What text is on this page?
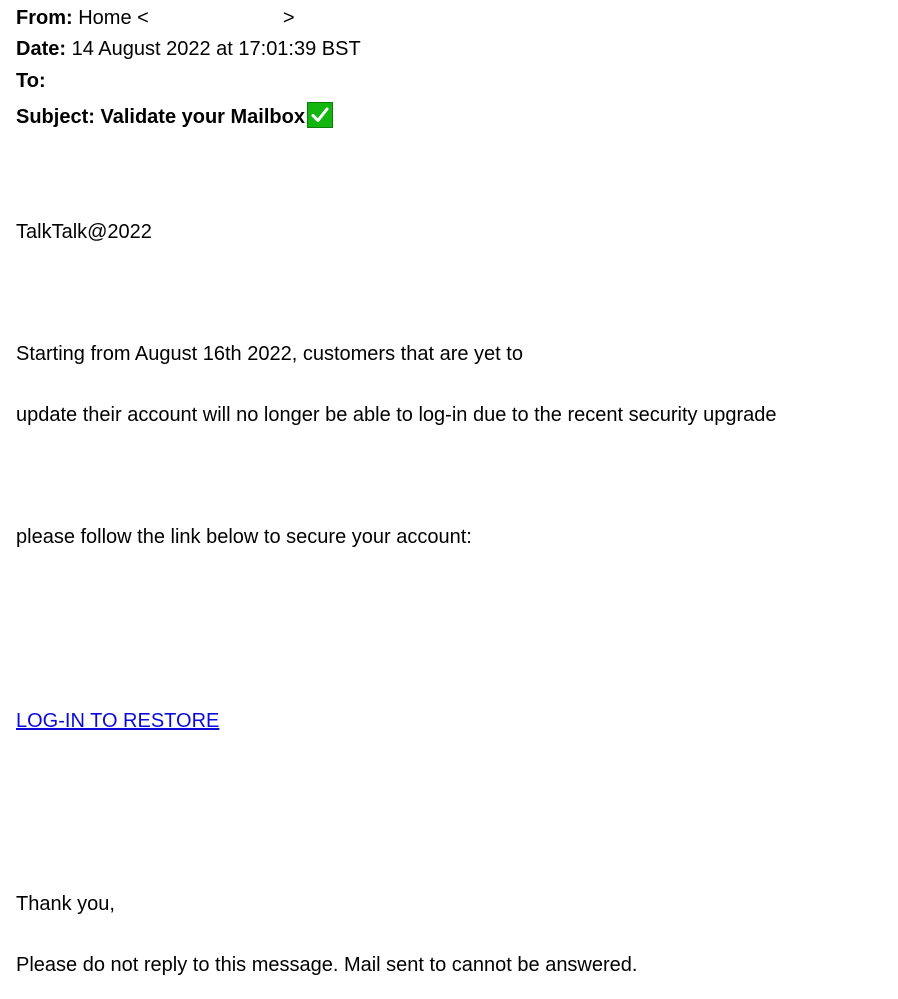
From: Home <	>
Date: 14 August 2022 at 17:01:39 BST
To:
Subject: Validate your Mailbox
TalkTalk@2022
Starting from August 16th 2022, customers that are yet to
update their account will no longer be able to log-in due to the recent security upgrade
please follow the link below to secure your account:
LOG-IN TO RESTORE
Thank you,
Please do not reply to this message. Mail sent to cannot be answered.
